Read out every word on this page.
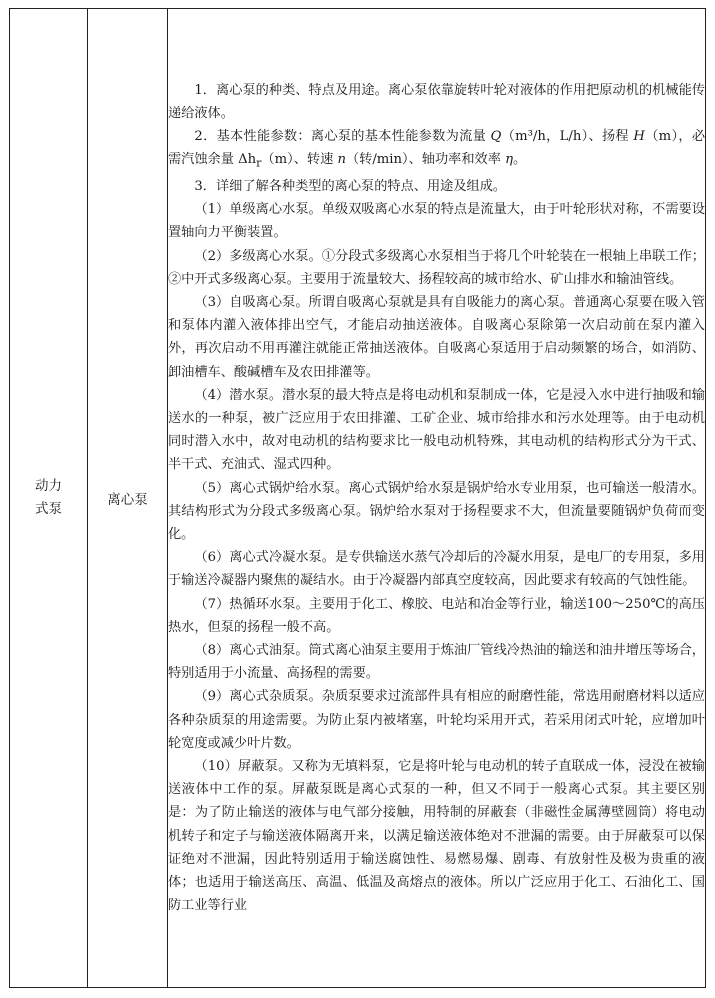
动力式泵	离心泵	

1．离心泵的种类、特点及用途。离心泵依靠旋转叶轮对液体的作用把原动机的机械能传递给液体。

2．基本性能参数：离心泵的基本性能参数为流量 Q（m³/h，L/h）、扬程 H（m），必需汽蚀余量 $\Delta h_r(m)$、转速 n（转/min）、轴功率和效率 η。

3．详细了解各种类型的离心泵的特点、用途及组成。

（1）单级离心水泵。单级双吸离心水泵的特点是流量大，由于叶轮形状对称，不需要设置轴向力平衡装置。

（2）多级离心水泵。①分段式多级离心水泵相当于将几个叶轮装在一根轴上串联工作；②中开式多级离心泵。主要用于流量较大、扬程较高的城市给水、矿山排水和输油管线。

（3）自吸离心泵。所谓自吸离心泵就是具有自吸能力的离心泵。普通离心泵要在吸入管和泵体内灌入液体排出空气，才能启动抽送液体。自吸离心泵除第一次启动前在泵内灌入外，再次启动不用再灌注就能正常抽送液体。自吸离心泵适用于启动频繁的场合，如消防、卸油槽车、酸碱槽车及农田排灌等。

（4）潜水泵。潜水泵的最大特点是将电动机和泵制成一体，它是浸入水中进行抽吸和输送水的一种泵，被广泛应用于农田排灌、工矿企业、城市给排水和污水处理等。由于电动机同时潜入水中，故对电动机的结构要求比一般电动机特殊，其电动机的结构形式分为干式、半干式、充油式、湿式四种。

（5）离心式锅炉给水泵。离心式锅炉给水泵是锅炉给水专业用泵，也可输送一般清水。其结构形式为分段式多级离心泵。锅炉给水泵对于扬程要求不大，但流量要随锅炉负荷而变化。

（6）离心式冷凝水泵。是专供输送水蒸气冷却后的冷凝水用泵，是电厂的专用泵，多用于输送冷凝器内聚焦的凝结水。由于冷凝器内部真空度较高，因此要求有较高的气蚀性能。

（7）热循环水泵。主要用于化工、橡胶、电站和冶金等行业，输送100～250℃的高压热水，但泵的扬程一般不高。

（8）离心式油泵。筒式离心油泵主要用于炼油厂管线冷热油的输送和油井增压等场合，特别适用于小流量、高扬程的需要。

（9）离心式杂质泵。杂质泵要求过流部件具有相应的耐磨性能，常选用耐磨材料以适应各种杂质泵的用途需要。为防止泵内被堵塞，叶轮均采用开式，若采用闭式叶轮，应增加叶轮宽度或减少叶片数。

（10）屏蔽泵。又称为无填料泵，它是将叶轮与电动机的转子直联成一体，浸没在被输送液体中工作的泵。屏蔽泵既是离心式泵的一种，但又不同于一般离心式泵。其主要区别是：为了防止输送的液体与电气部分接触，用特制的屏蔽套（非磁性金属薄壁圆筒）将电动机转子和定子与输送液体隔离开来，以满足输送液体绝对不泄漏的需要。由于屏蔽泵可以保证绝对不泄漏，因此特别适用于输送腐蚀性、易燃易爆、剧毒、有放射性及极为贵重的液体；也适用于输送高压、高温、低温及高熔点的液体。所以广泛应用于化工、石油化工、国防工业等行业
